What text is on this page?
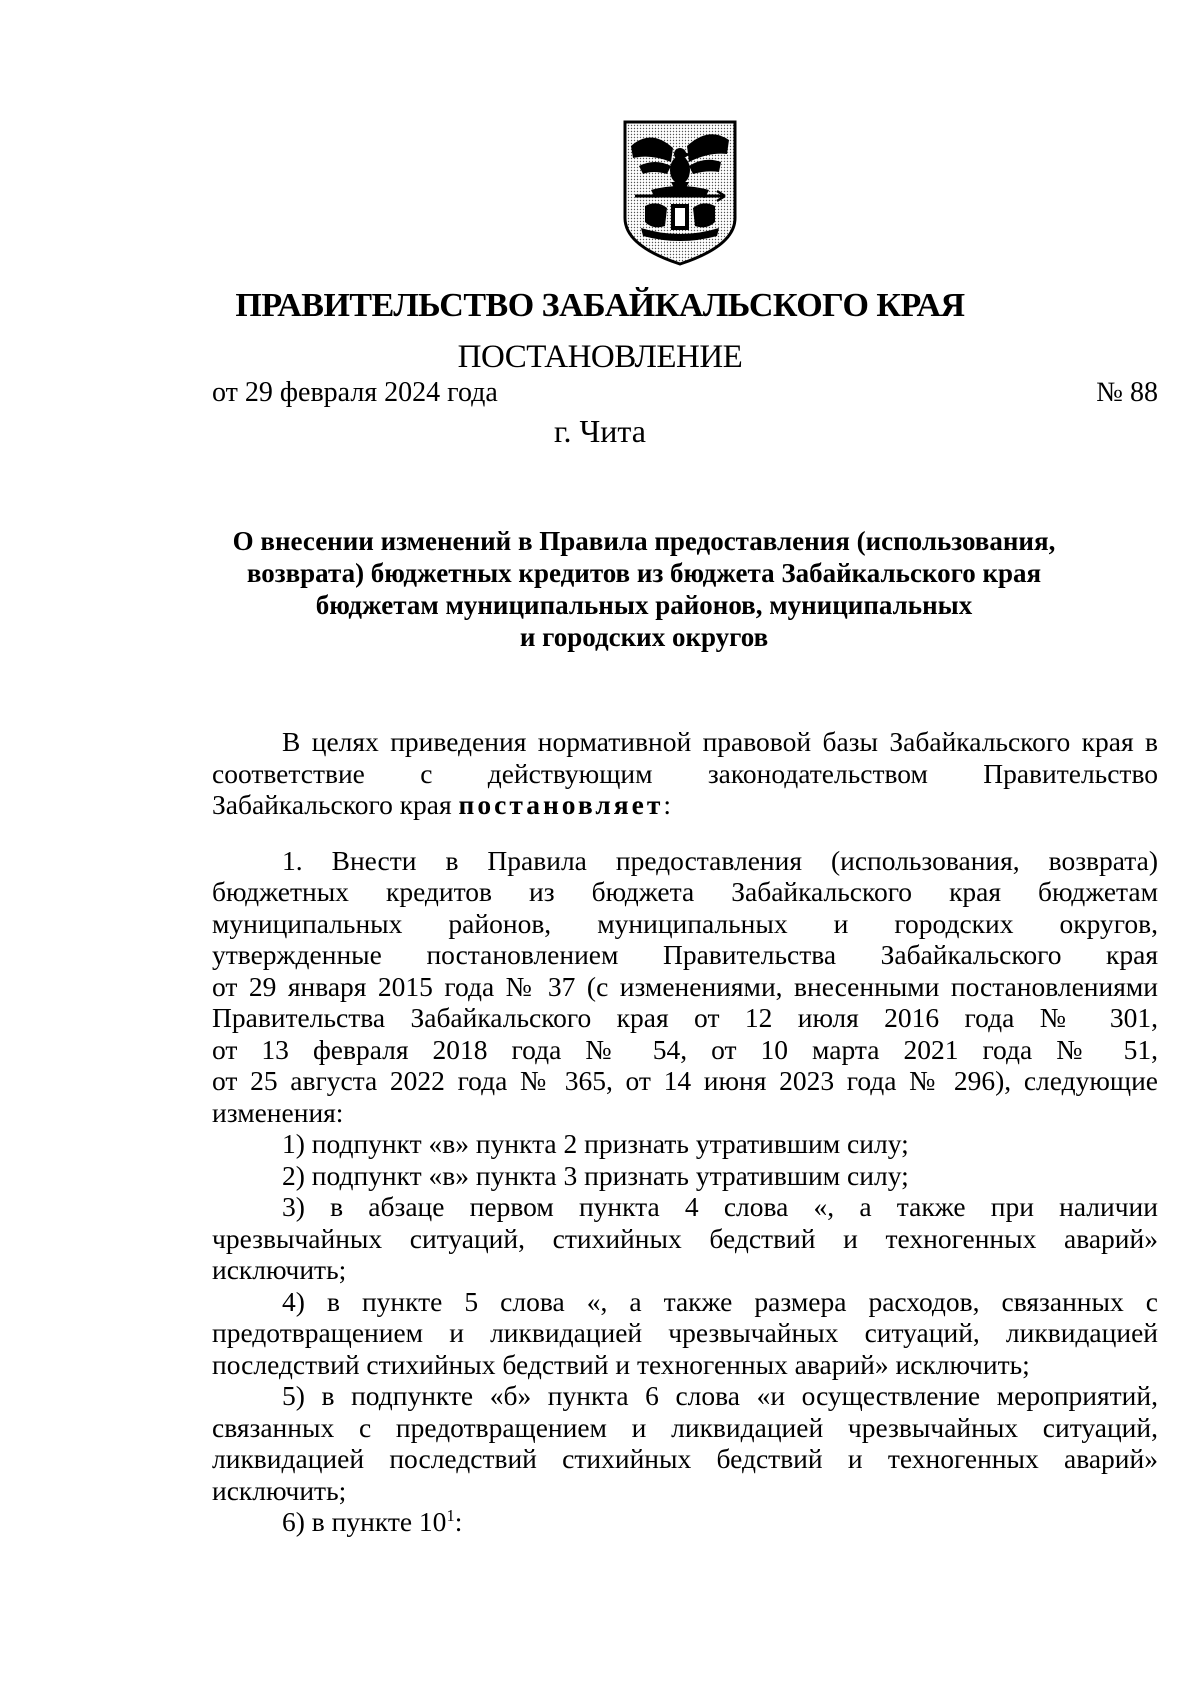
ПРАВИТЕЛЬСТВО ЗАБАЙКАЛЬСКОГО КРАЯ
ПОСТАНОВЛЕНИЕ
от 29 февраля 2024 года	№ 88
г. Чита
О внесении изменений в Правила предоставления (использования,
возврата) бюджетных кредитов из бюджета Забайкальского края
бюджетам муниципальных районов, муниципальных
и городских округов
В целях приведения нормативной правовой базы Забайкальского края в
соответствие с действующим законодательством Правительство
Забайкальского края постановляет:
1. Внести в Правила предоставления (использования, возврата)
бюджетных кредитов из бюджета Забайкальского края бюджетам
муниципальных районов, муниципальных и городских округов,
утвержденные постановлением Правительства Забайкальского края
от 29 января 2015 года № 37 (с изменениями, внесенными постановлениями
Правительства Забайкальского края от 12 июля 2016 года № 301,
от 13 февраля 2018 года № 54, от 10 марта 2021 года № 51,
от 25 августа 2022 года № 365, от 14 июня 2023 года № 296), следующие
изменения:
1) подпункт «в» пункта 2 признать утратившим силу;
2) подпункт «в» пункта 3 признать утратившим силу;
3) в абзаце первом пункта 4 слова «, а также при наличии
чрезвычайных ситуаций, стихийных бедствий и техногенных аварий»
исключить;
4) в пункте 5 слова «, а также размера расходов, связанных с
предотвращением и ликвидацией чрезвычайных ситуаций, ликвидацией
последствий стихийных бедствий и техногенных аварий» исключить;
5) в подпункте «б» пункта 6 слова «и осуществление мероприятий,
связанных с предотвращением и ликвидацией чрезвычайных ситуаций,
ликвидацией последствий стихийных бедствий и техногенных аварий»
исключить;
6) в пункте $10^1$:
